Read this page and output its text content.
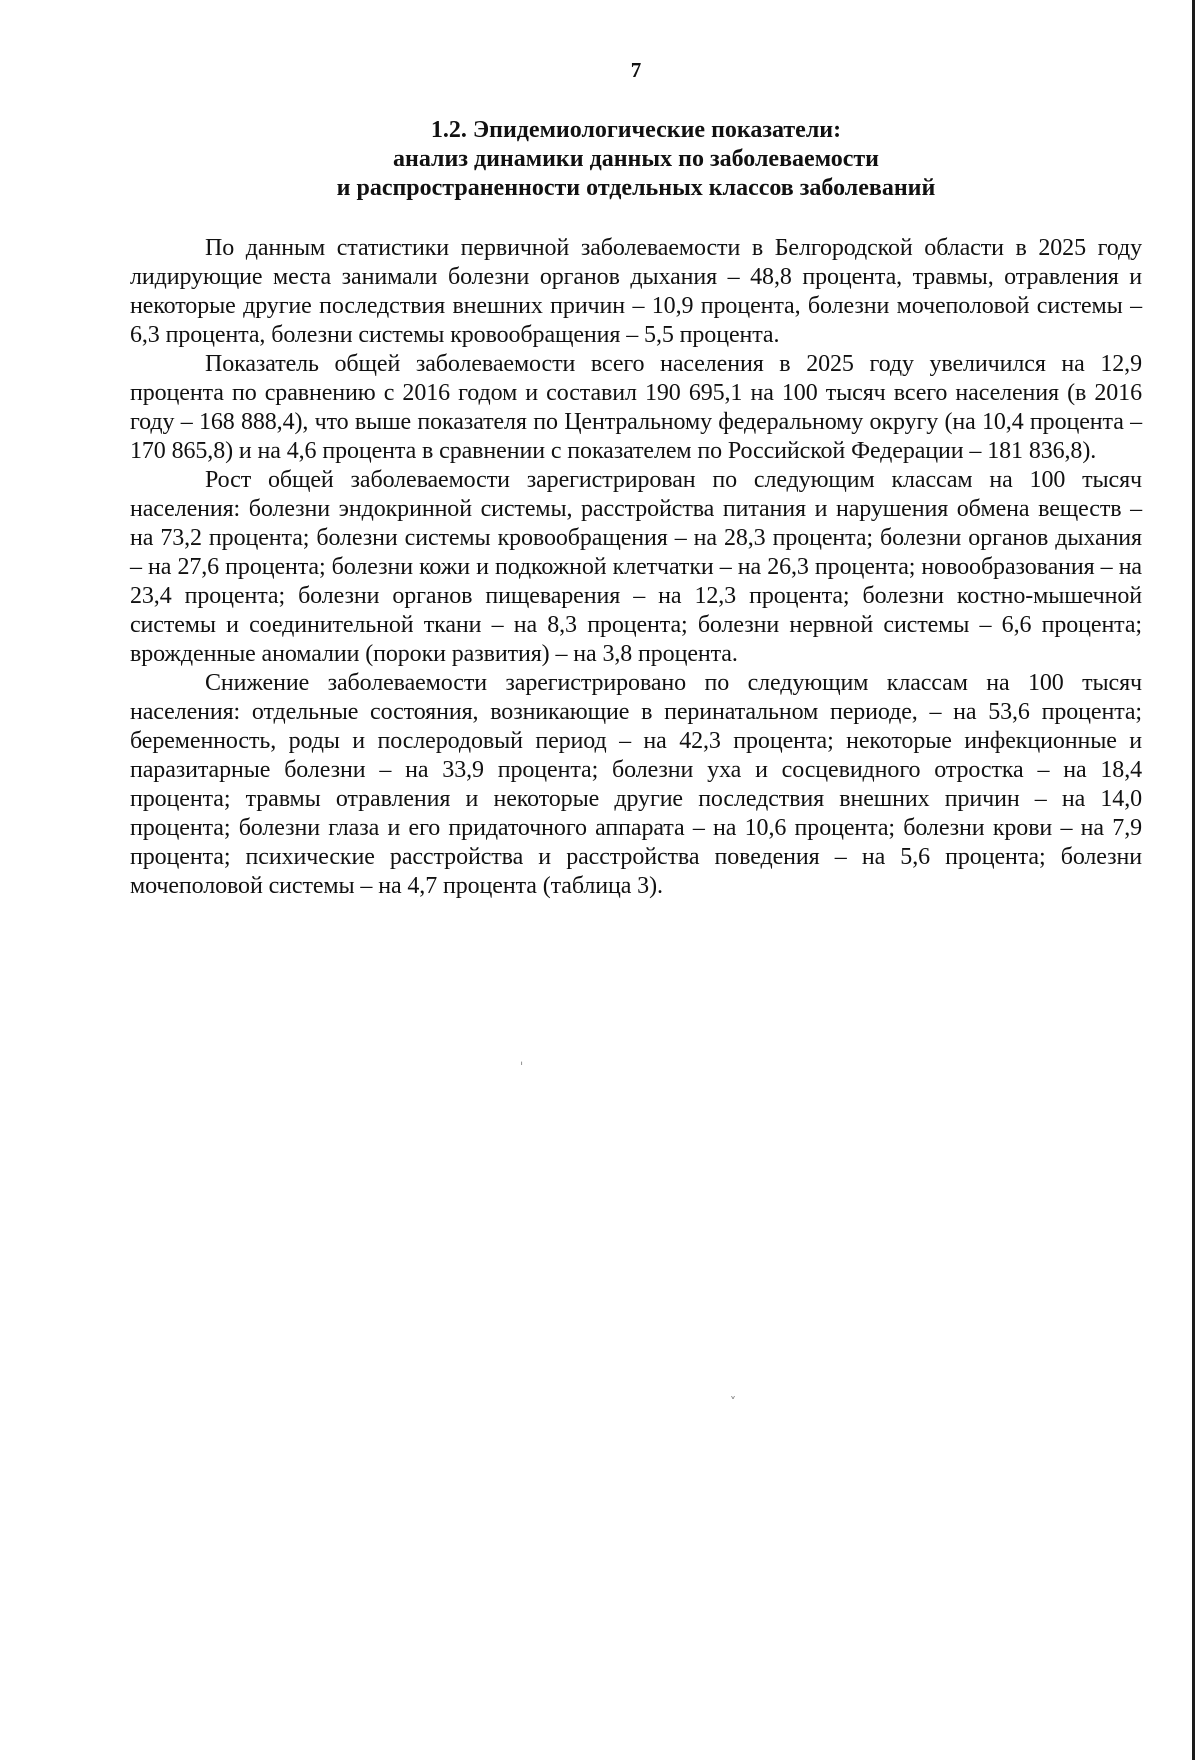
7
1.2. Эпидемиологические показатели:
анализ динамики данных по заболеваемости
и распространенности отдельных классов заболеваний

По данным статистики первичной заболеваемости в Белгородской области в 2025 году лидирующие места занимали болезни органов дыхания – 48,8 процента, травмы, отравления и некоторые другие последствия внешних причин – 10,9 процента, болезни мочеполовой системы – 6,3 процента, болезни системы кровообращения – 5,5 процента.

Показатель общей заболеваемости всего населения в 2025 году увеличился на 12,9 процента по сравнению с 2016 годом и составил 190 695,1 на 100 тысяч всего населения (в 2016 году – 168 888,4), что выше показателя по Центральному федеральному округу (на 10,4 процента – 170 865,8) и на 4,6 процента в сравнении с показателем по Российской Федерации – 181 836,8).

Рост общей заболеваемости зарегистрирован по следующим классам на 100 тысяч населения: болезни эндокринной системы, расстройства питания и нарушения обмена веществ – на 73,2 процента; болезни системы кровообращения – на 28,3 процента; болезни органов дыхания – на 27,6 процента; болезни кожи и подкожной клетчатки – на 26,3 процента; новообразования – на 23,4 процента; болезни органов пищеварения – на 12,3 процента; болезни костно-мышечной системы и соединительной ткани – на 8,3 процента; болезни нервной системы – 6,6 процента; врожденные аномалии (пороки развития) – на 3,8 процента.

Снижение заболеваемости зарегистрировано по следующим классам на 100 тысяч населения: отдельные состояния, возникающие в перинатальном периоде, – на 53,6 процента; беременность, роды и послеродовый период – на 42,3 процента; некоторые инфекционные и паразитарные болезни – на 33,9 процента; болезни уха и сосцевидного отростка – на 18,4 процента; травмы отравления и некоторые другие последствия внешних причин – на 14,0 процента; болезни глаза и его придаточного аппарата – на 10,6 процента; болезни крови – на 7,9 процента; психические расстройства и расстройства поведения – на 5,6 процента; болезни мочеполовой системы – на 4,7 процента (таблица 3).

ˌ
ˬ
